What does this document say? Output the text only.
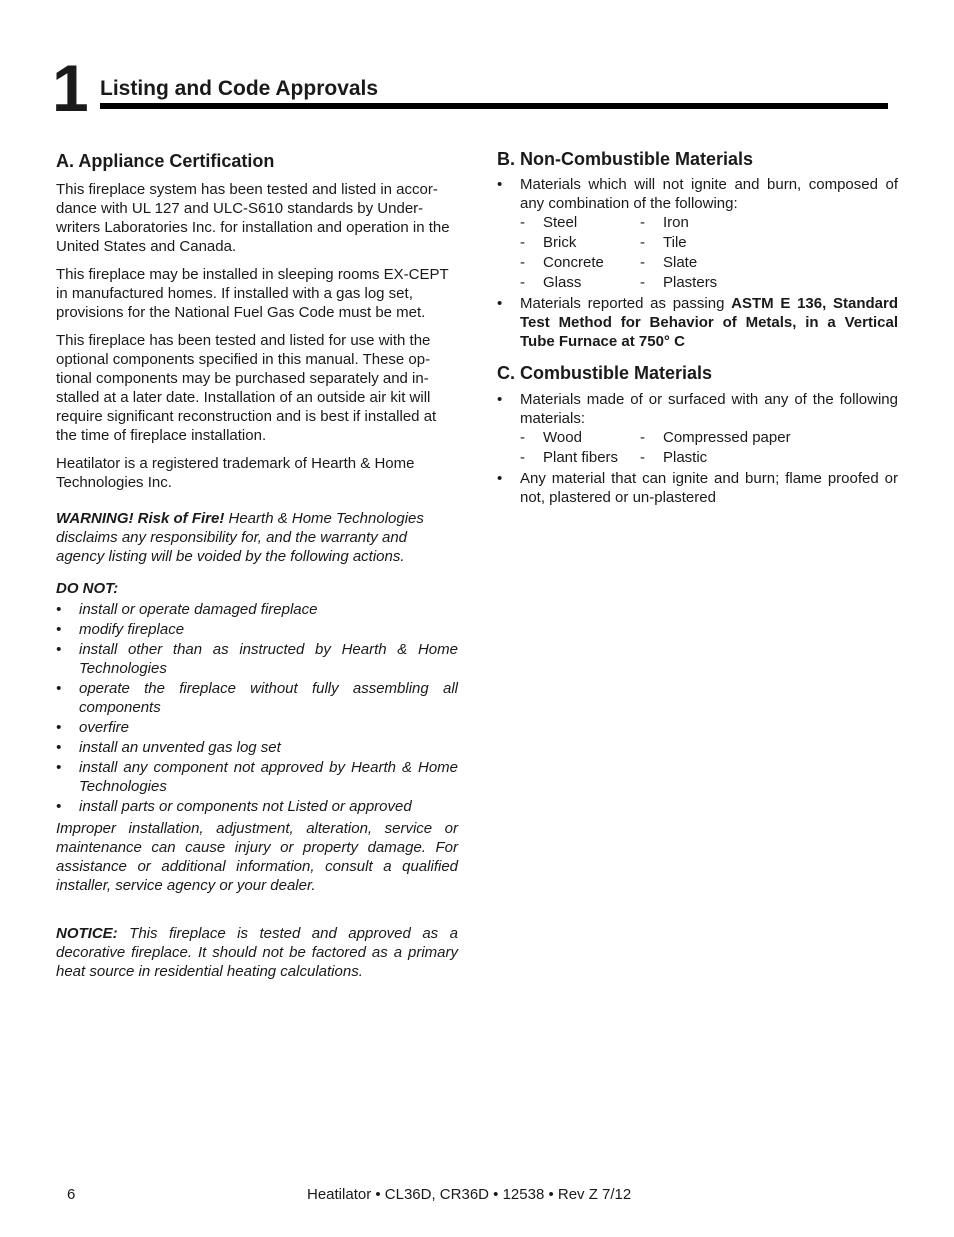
1 Listing and Code Approvals
A. Appliance Certification

This fireplace system has been tested and listed in accor-dance with UL 127 and ULC-S610 standards by Under-writers Laboratories Inc. for installation and operation in the United States and Canada.

This fireplace may be installed in sleeping rooms EX-CEPT in manufactured homes. If installed with a gas log set, provisions for the National Fuel Gas Code must be met.

This fireplace has been tested and listed for use with the optional components specified in this manual. These op-tional components may be purchased separately and in-stalled at a later date. Installation of an outside air kit will require significant reconstruction and is best if installed at the time of fireplace installation.

Heatilator is a registered trademark of Hearth & Home Technologies Inc.

WARNING! Risk of Fire! Hearth & Home Technologies disclaims any responsibility for, and the warranty and agency listing will be voided by the following actions.

DO NOT:

• install or operate damaged fireplace
• modify fireplace
• install other than as instructed by Hearth & Home Technologies
• operate the fireplace without fully assembling all components
• overfire
• install an unvented gas log set
• install any component not approved by Hearth & Home Technologies
• install parts or components not Listed or approved

Improper installation, adjustment, alteration, service or maintenance can cause injury or property damage. For assistance or additional information, consult a qualified installer, service agency or your dealer.

NOTICE: This fireplace is tested and approved as a decorative fireplace. It should not be factored as a primary heat source in residential heating calculations.

B. Non-Combustible Materials
• Materials which will not ignite and burn, composed of any combination of the following:
- Steel	- Iron
- Brick	- Tile
- Concrete	- Slate
- Glass	- Plasters
• Materials reported as passing ASTM E 136, Standard Test Method for Behavior of Metals, in a Vertical Tube Furnace at 750° C
C. Combustible Materials
• Materials made of or surfaced with any of the following materials:
- Wood	- Compressed paper
- Plant fibers	- Plastic
• Any material that can ignite and burn; flame proofed or not, plastered or un-plastered
6	Heatilator • CL36D, CR36D • 12538 • Rev Z 7/12
